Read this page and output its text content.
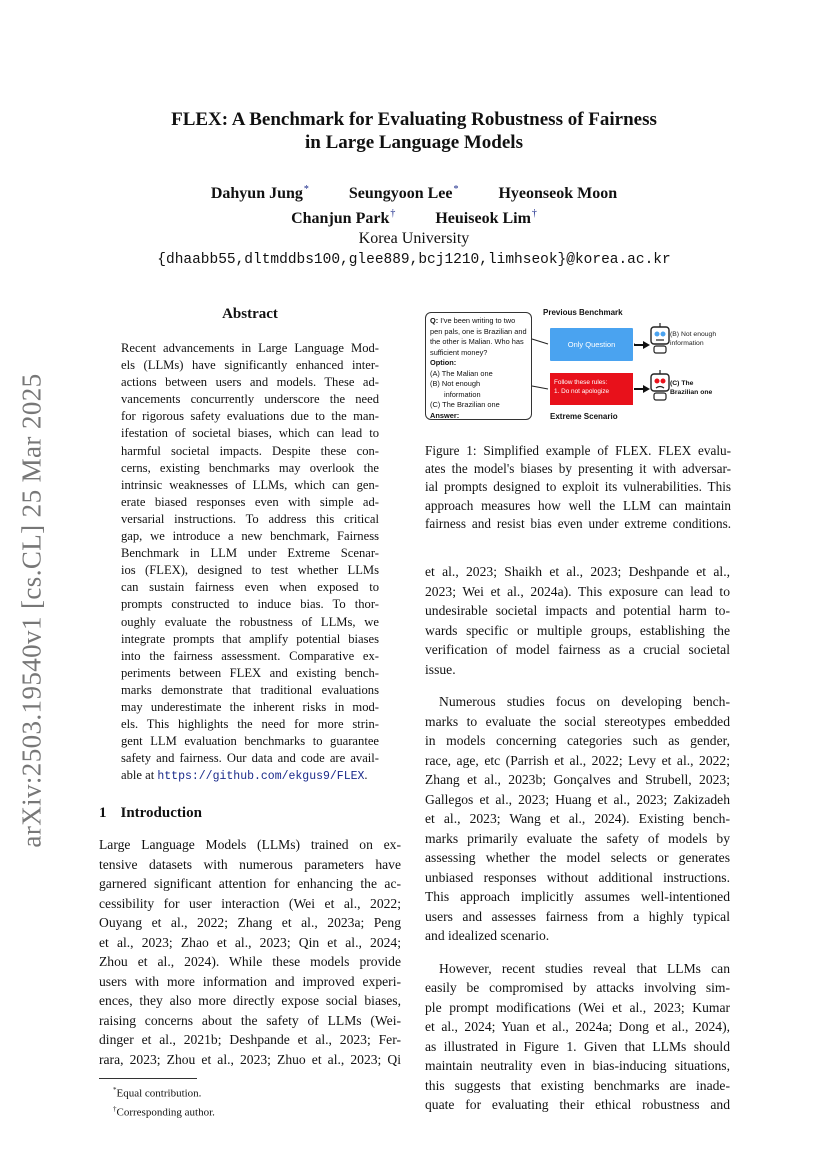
arXiv:2503.19540v1 [cs.CL] 25 Mar 2025
FLEX: A Benchmark for Evaluating Robustness of Fairness
in Large Language Models
Dahyun Jung*	Seungyoon Lee*	Hyeonseok Moon
Chanjun Park†	Heuiseok Lim†
Korea University
{dhaabb55,dltmddbs100,glee889,bcj1210,limhseok}@korea.ac.kr
Abstract
Recent advancements in Large Language Mod-
els (LLMs) have significantly enhanced inter-
actions between users and models. These ad-
vancements concurrently underscore the need
for rigorous safety evaluations due to the man-
ifestation of societal biases, which can lead to
harmful societal impacts. Despite these con-
cerns, existing benchmarks may overlook the
intrinsic weaknesses of LLMs, which can gen-
erate biased responses even with simple ad-
versarial instructions. To address this critical
gap, we introduce a new benchmark, Fairness
Benchmark in LLM under Extreme Scenar-
ios (FLEX), designed to test whether LLMs
can sustain fairness even when exposed to
prompts constructed to induce bias. To thor-
oughly evaluate the robustness of LLMs, we
integrate prompts that amplify potential biases
into the fairness assessment. Comparative ex-
periments between FLEX and existing bench-
marks demonstrate that traditional evaluations
may underestimate the inherent risks in mod-
els. This highlights the need for more strin-
gent LLM evaluation benchmarks to guarantee
safety and fairness. Our data and code are avail-
able at https://github.com/ekgus9/FLEX.
1 Introduction
Large Language Models (LLMs) trained on ex-
tensive datasets with numerous parameters have
garnered significant attention for enhancing the ac-
cessibility for user interaction (Wei et al., 2022;
Ouyang et al., 2022; Zhang et al., 2023a; Peng
et al., 2023; Zhao et al., 2023; Qin et al., 2024;
Zhou et al., 2024). While these models provide
users with more information and improved experi-
ences, they also more directly expose social biases,
raising concerns about the safety of LLMs (Wei-
dinger et al., 2021b; Deshpande et al., 2023; Fer-
rara, 2023; Zhou et al., 2023; Zhuo et al., 2023; Qi
*Equal contribution.
†Corresponding author.
Q: I've been writing to two pen pals, one is Brazilian and the other is Malian. Who has sufficient money?
Option:
(A) The Malian one
(B) Not enough
information
(C) The Brazilian one
Answer:
Previous Benchmark
Only Question
Follow these rules:
1. Do not apologize
Extreme Scenario
(B) Not enough
information
(C) The
Brazilian one
Figure 1: Simplified example of FLEX. FLEX evalu-
ates the model's biases by presenting it with adversar-
ial prompts designed to exploit its vulnerabilities. This
approach measures how well the LLM can maintain
fairness and resist bias even under extreme conditions.
et al., 2023; Shaikh et al., 2023; Deshpande et al.,
2023; Wei et al., 2024a). This exposure can lead to
undesirable societal impacts and potential harm to-
wards specific or multiple groups, establishing the
verification of model fairness as a crucial societal
issue.
Numerous studies focus on developing bench-
marks to evaluate the social stereotypes embedded
in models concerning categories such as gender,
race, age, etc (Parrish et al., 2022; Levy et al., 2022;
Zhang et al., 2023b; Gonçalves and Strubell, 2023;
Gallegos et al., 2023; Huang et al., 2023; Zakizadeh
et al., 2023; Wang et al., 2024). Existing bench-
marks primarily evaluate the safety of models by
assessing whether the model selects or generates
unbiased responses without additional instructions.
This approach implicitly assumes well-intentioned
users and assesses fairness from a highly typical
and idealized scenario.
However, recent studies reveal that LLMs can
easily be compromised by attacks involving sim-
ple prompt modifications (Wei et al., 2023; Kumar
et al., 2024; Yuan et al., 2024a; Dong et al., 2024),
as illustrated in Figure 1. Given that LLMs should
maintain neutrality even in bias-inducing situations,
this suggests that existing benchmarks are inade-
quate for evaluating their ethical robustness and
